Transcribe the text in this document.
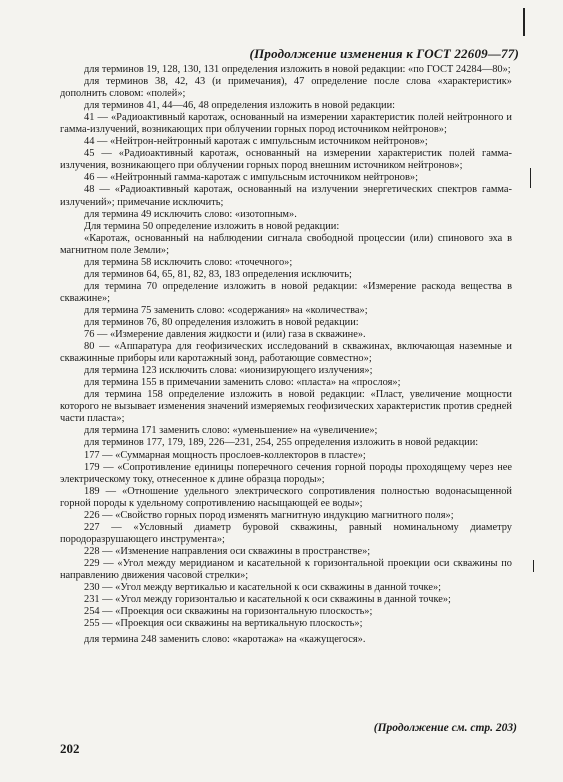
(Продолжение изменения к ГОСТ 22609—77)

для терминов 19, 128, 130, 131 определения изложить в новой редакции: «по ГОСТ 24284—80»;

для терминов 38, 42, 43 (и примечания), 47 определение после слова «характеристик» дополнить словом: «полей»;

для терминов 41, 44—46, 48 определения изложить в новой редакции:

41 — «Радиоактивный каротаж, основанный на измерении характеристик полей нейтронного и гамма-излучений, возникающих при облучении горных пород источником нейтронов»;

44 — «Нейтрон-нейтронный каротаж с импульсным источником нейтронов»;

45 — «Радиоактивный каротаж, основанный на измерении характеристик полей гамма-излучения, возникающего при облучении горных пород внешним источником нейтронов»;

46 — «Нейтронный гамма-каротаж с импульсным источником нейтронов»;

48 — «Радиоактивный каротаж, основанный на излучении энергетических спектров гамма-излучений»; примечание исключить;

для термина 49 исключить слово: «изотопным».

Для термина 50 определение изложить в новой редакции:

«Каротаж, основанный на наблюдении сигнала свободной процессии (или) спинового эха в магнитном поле Земли»;

для термина 58 исключить слово: «точечного»;

для терминов 64, 65, 81, 82, 83, 183 определения исключить;

для термина 70 определение изложить в новой редакции: «Измерение раскода вещества в скважине»;

для термина 75 заменить слово: «содержания» на «количества»;

для терминов 76, 80 определения изложить в новой редакции:

76 — «Измерение давления жидкости и (или) газа в скважине».

80 — «Аппаратура для геофизических исследований в скважинах, включающая наземные и скважинные приборы или каротажный зонд, работающие совместно»;

для термина 123 исключить слова: «ионизирующего излучения»;

для термина 155 в примечании заменить слово: «пласта» на «прослоя»;

для термина 158 определение изложить в новой редакции: «Пласт, увеличение мощности которого не вызывает изменения значений измеряемых геофизических характеристик против средней части пласта»;

для термина 171 заменить слово: «уменьшение» на «увеличение»;

для терминов 177, 179, 189, 226—231, 254, 255 определения изложить в новой редакции:

177 — «Суммарная мощность прослоев-коллекторов в пласте»;

179 — «Сопротивление единицы поперечного сечения горной породы проходящему через нее электрическому току, отнесенное к длине образца породы»;

189 — «Отношение удельного электрического сопротивления полностью водонасыщенной горной породы к удельному сопротивлению насыщающей ее воды»;

226 — «Свойство горных пород изменять магнитную индукцию магнитного поля»;

227 — «Условный диаметр буровой скважины, равный номинальному диаметру породоразрушающего инструмента»;

228 — «Изменение направления оси скважины в пространстве»;

229 — «Угол между меридианом и касательной к горизонтальной проекции оси скважины по направлению движения часовой стрелки»;

230 — «Угол между вертикалью и касательной к оси скважины в данной точке»;

231 — «Угол между горизонталью и касательной к оси скважины в данной точке»;

254 — «Проекция оси скважины на горизонтальную плоскость»;

255 — «Проекция оси скважины на вертикальную плоскость»;

для термина 248 заменить слово: «каротажа» на «кажущегося».

(Продолжение см. стр. 203)
202
